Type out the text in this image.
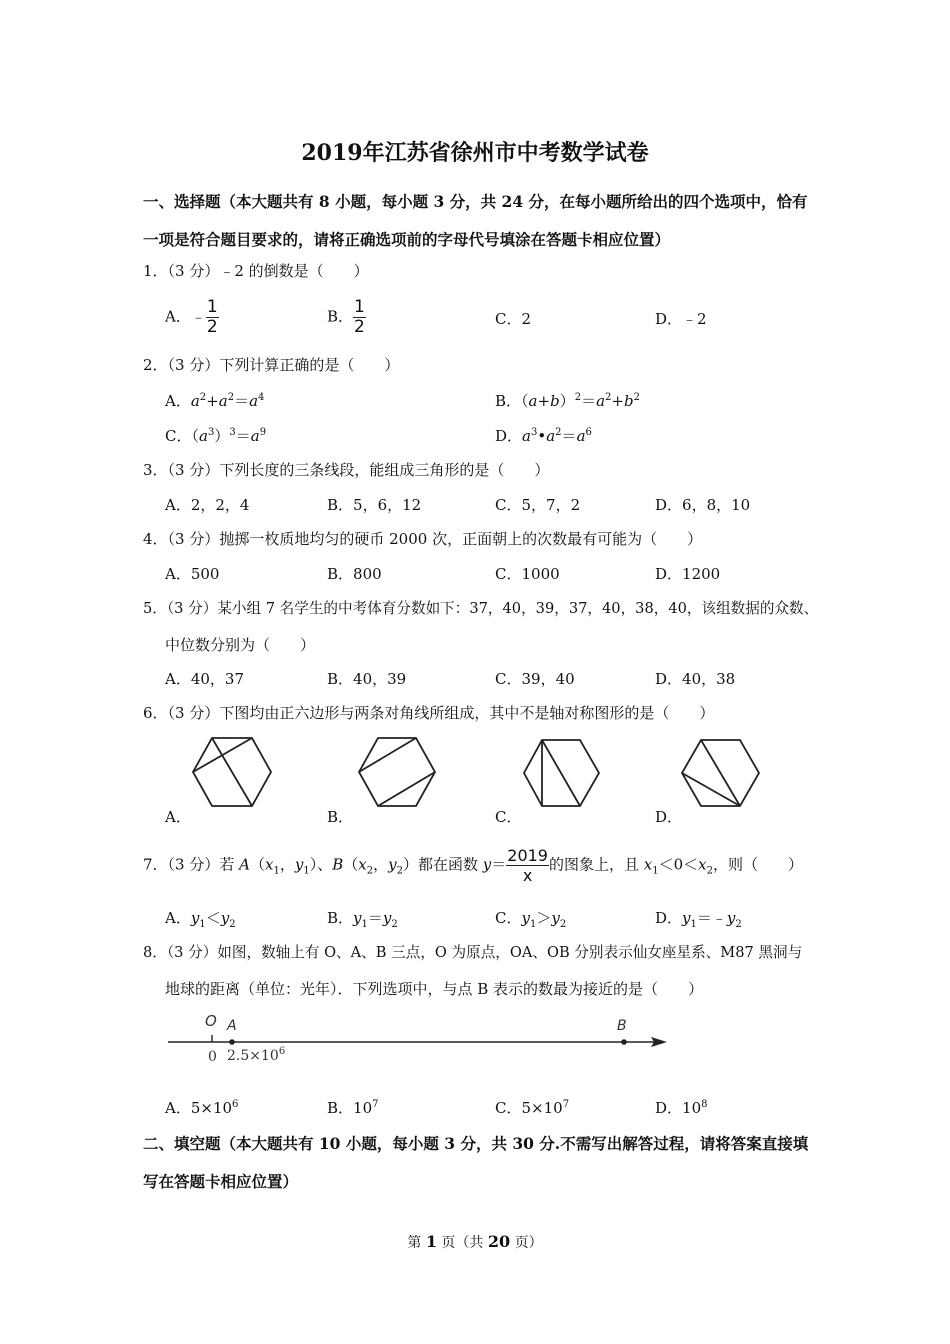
2019年江苏省徐州市中考数学试卷
一、选择题（本大题共有 8 小题，每小题 3 分，共 24 分，在每小题所给出的四个选项中，恰有
一项是符合题目要求的，请将正确选项前的字母代号填涂在答题卡相应位置）
1．（3 分）﹣2 的倒数是（　　）
A．﹣ $\frac{1}{2}$	B． $\frac{1}{2}$	C．2	D．﹣2
2．（3 分）下列计算正确的是（　　）
A．$a^2+a^2=a^4$	B．$(a+b)^2=a^2+b^2$
C．$(a^3)^3=a^9$	D．$a^3•a^2=a^6$
3．（3 分）下列长度的三条线段，能组成三角形的是（　　）
A．2，2，4	B．5，6，12	C．5，7，2	D．6，8，10
4．（3 分）抛掷一枚质地均匀的硬币 2000 次，正面朝上的次数最有可能为（　　）
A．500	B．800	C．1000	D．1200
5．（3 分）某小组 7 名学生的中考体育分数如下：37，40，39，37，40，38，40，该组数据的众数、
中位数分别为（　　）
A．40，37	B．40，39	C．39，40	D．40，38
6．（3 分）下图均由正六边形与两条对角线所组成，其中不是轴对称图形的是（　　）
A．	B．	C．	D．
7．（3 分）若 $A(x_1$，$y_1$）、$B(x_2$，$y_2$）都在函数 $y= \frac{2019}{x}$ 的图象上，且 $x_1<0<x_2$，则（　　）
A．$y_1<y_2$	B．$y_1=y_2$	C．$y_1>y_2$	D．$y_1=﹣y_2$
8．（3 分）如图，数轴上有 O、A、B 三点，O 为原点，OA、OB 分别表示仙女座星系、M87 黑洞与
地球的距离（单位：光年）．下列选项中，与点 B 表示的数最为接近的是（　　）
O A	B
0 $2.5\times 10^6$
A．$5\times 10^6$	B．$10^7$	C．$5\times 10^7$	D．$10^8$
二、填空题（本大题共有 10 小题，每小题 3 分，共 30 分.不需写出解答过程，请将答案直接填
写在答题卡相应位置）
第 1 页（共 20 页）
